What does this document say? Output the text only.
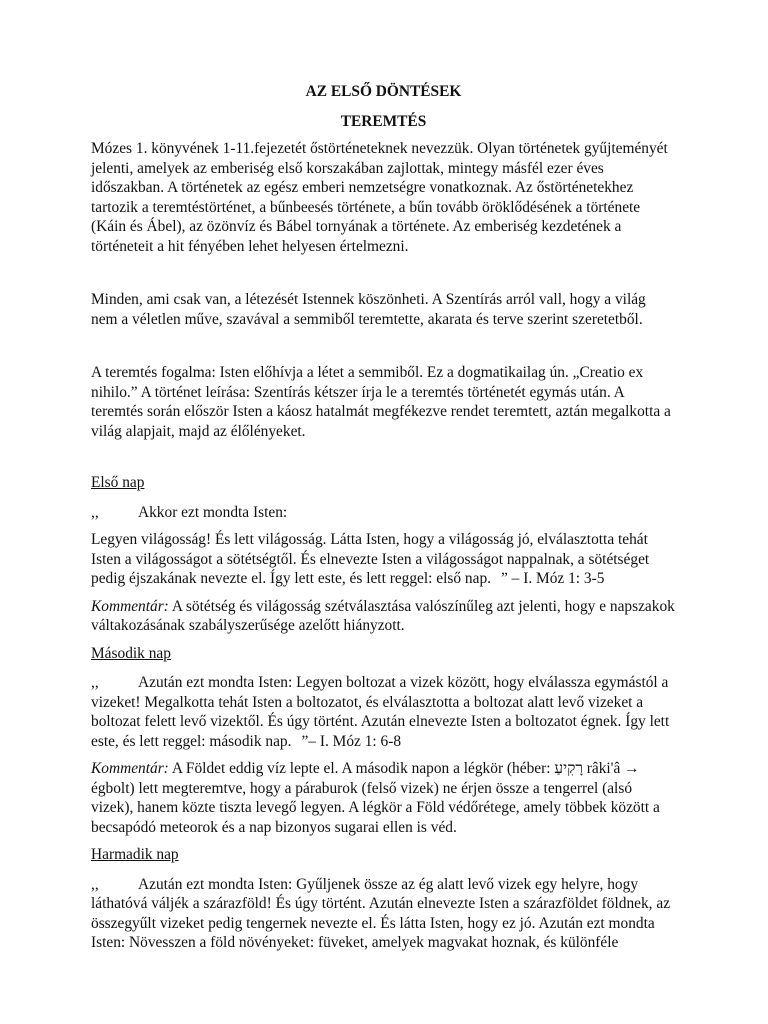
AZ ELSŐ DÖNTÉSEK
TEREMTÉS

Mózes 1. könyvének 1-11.fejezetét őstörténeteknek nevezzük. Olyan történetek gyűjteményét jelenti, amelyek az emberiség első korszakában zajlottak, mintegy másfél ezer éves időszakban. A történetek az egész emberi nemzetségre vonatkoznak. Az őstörténetekhez tartozik a teremtéstörténet, a bűnbeesés története, a bűn tovább öröklődésének a története (Káin és Ábel), az özönvíz és Bábel tornyának a története. Az emberiség kezdetének a történeteit a hit fényében lehet helyesen értelmezni.

Minden, ami csak van, a létezését Istennek köszönheti. A Szentírás arról vall, hogy a világ nem a véletlen műve, szavával a semmiből teremtette, akarata és terve szerint szeretetből.

A teremtés fogalma: Isten előhívja a létet a semmiből. Ez a dogmatikailag ún. „Creatio ex nihilo.” A történet leírása: Szentírás kétszer írja le a teremtés történetét egymás után. A teremtés során először Isten a káosz hatalmát megfékezve rendet teremtett, aztán megalkotta a világ alapjait, majd az élőlényeket.

Első nap

,,	Akkor ezt mondta Isten:

Legyen világosság! És lett világosság. Látta Isten, hogy a világosság jó, elválasztotta tehát Isten a világosságot a sötétségtől. És elnevezte Isten a világosságot nappalnak, a sötétséget pedig éjszakának nevezte el. Így lett este, és lett reggel: első nap. ” – I. Móz 1: 3-5

Kommentár: A sötétség és világosság szétválasztása valószínűleg azt jelenti, hogy e napszakok váltakozásának szabályszerűsége azelőtt hiányzott.

Második nap

,,	Azután ezt mondta Isten: Legyen boltozat a vizek között, hogy elválassza egymástól a vizeket! Megalkotta tehát Isten a boltozatot, és elválasztotta a boltozat alatt levő vizeket a boltozat felett levő vizektől. És úgy történt. Azután elnevezte Isten a boltozatot égnek. Így lett este, és lett reggel: második nap. ”– I. Móz 1: 6-8

Kommentár: A Földet eddig víz lepte el. A második napon a légkör (héber: רָקִיעַ râki'â → égbolt) lett megteremtve, hogy a páraburok (felső vizek) ne érjen össze a tengerrel (alsó vizek), hanem közte tiszta levegő legyen. A légkör a Föld védőrétege, amely többek között a becsapódó meteorok és a nap bizonyos sugarai ellen is véd.

Harmadik nap

,,	Azután ezt mondta Isten: Gyűljenek össze az ég alatt levő vizek egy helyre, hogy láthatóvá váljék a szárazföld! És úgy történt. Azután elnevezte Isten a szárazföldet földnek, az összegyűlt vizeket pedig tengernek nevezte el. És látta Isten, hogy ez jó. Azután ezt mondta Isten: Növesszen a föld növényeket: füveket, amelyek magvakat hoznak, és különféle
